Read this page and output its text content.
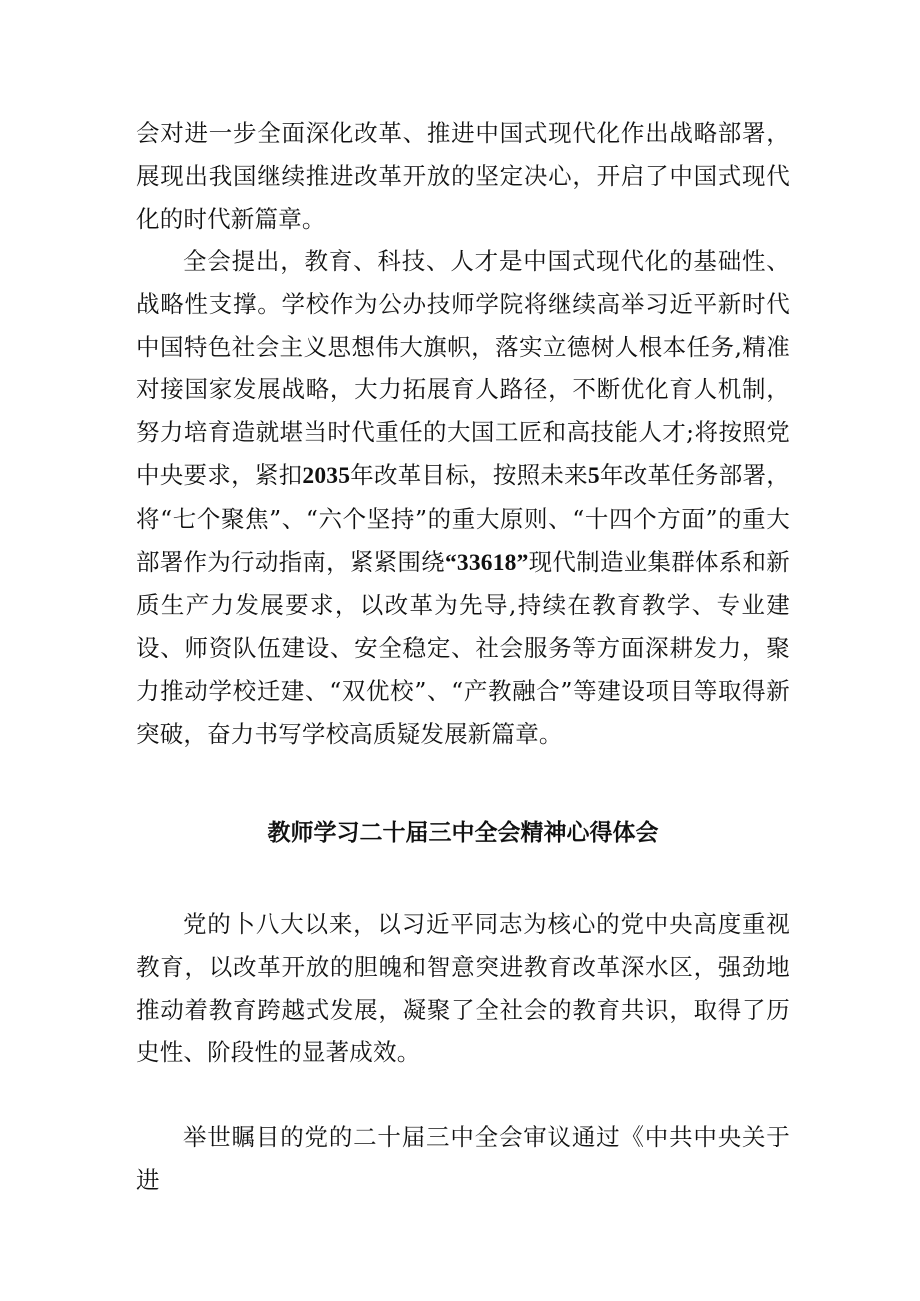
会对进一步全面深化改革、推进中国式现代化作出战略部署，展现出我国继续推进改革开放的坚定决心，开启了中国式现代化的时代新篇章。

全会提出，教育、科技、人才是中国式现代化的基础性、战略性支撑。学校作为公办技师学院将继续高举习近平新时代中国特色社会主义思想伟大旗帜，落实立德树人根本任务,精准对接国家发展战略，大力拓展育人路径，不断优化育人机制，努力培育造就堪当时代重任的大国工匠和高技能人才;将按照党中央要求，紧扣2035年改革目标，按照未来5年改革任务部署，将“七个聚焦”、“六个坚持”的重大原则、“十四个方面”的重大部署作为行动指南，紧紧围绕“33618”现代制造业集群体系和新质生产力发展要求，以改革为先导,持续在教育教学、专业建设、师资队伍建设、安全稳定、社会服务等方面深耕发力，聚力推动学校迁建、“双优校”、“产教融合”等建设项目等取得新突破，奋力书写学校高质疑发展新篇章。

教师学习二十届三中全会精神心得体会

党的卜八大以来，以习近平同志为核心的党中央高度重视教育，以改革开放的胆魄和智意突进教育改革深水区，强劲地推动着教育跨越式发展，凝聚了全社会的教育共识，取得了历史性、阶段性的显著成效。

举世瞩目的党的二十届三中全会审议通过《中共中央关于进
